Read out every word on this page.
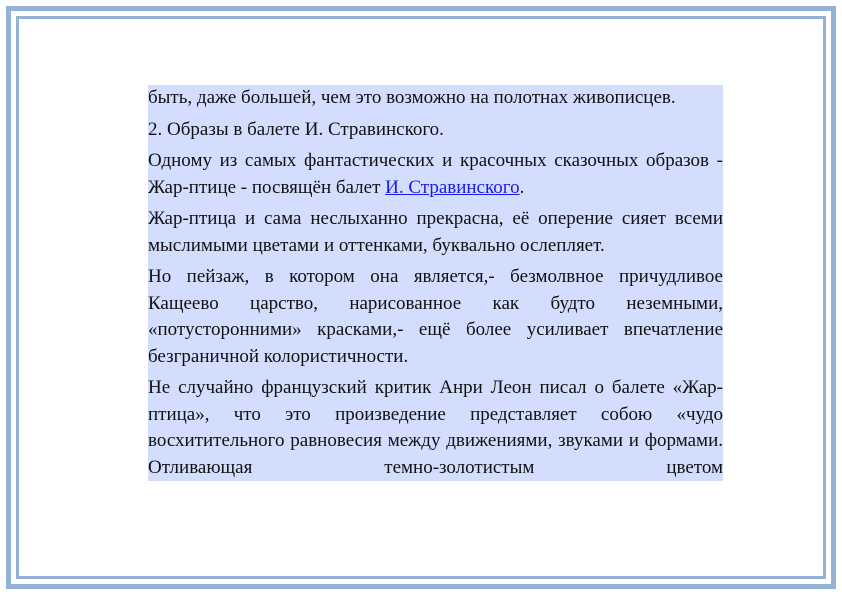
быть, даже большей, чем это возможно на полотнах живописцев.

2. Образы в балете И. Стравинского.

Одному из самых фантастических и красочных сказочных образов - Жар-птице - посвящён балет И. Стравинского.

Жар-птица и сама неслыханно прекрасна, её оперение сияет всеми мыслимыми цветами и оттенками, буквально ослепляет.

Но пейзаж, в котором она является,- безмолвное причудливое Кащеево царство, нарисованное как будто неземными, «потусторонними» красками,- ещё более усиливает впечатление безграничной колористичности.

Не случайно французский критик Анри Леон писал о балете «Жар-птица», что это произведение представляет собою «чудо восхитительного равновесия между движениями, звуками и формами. Отливающая темно-золотистым цветом
